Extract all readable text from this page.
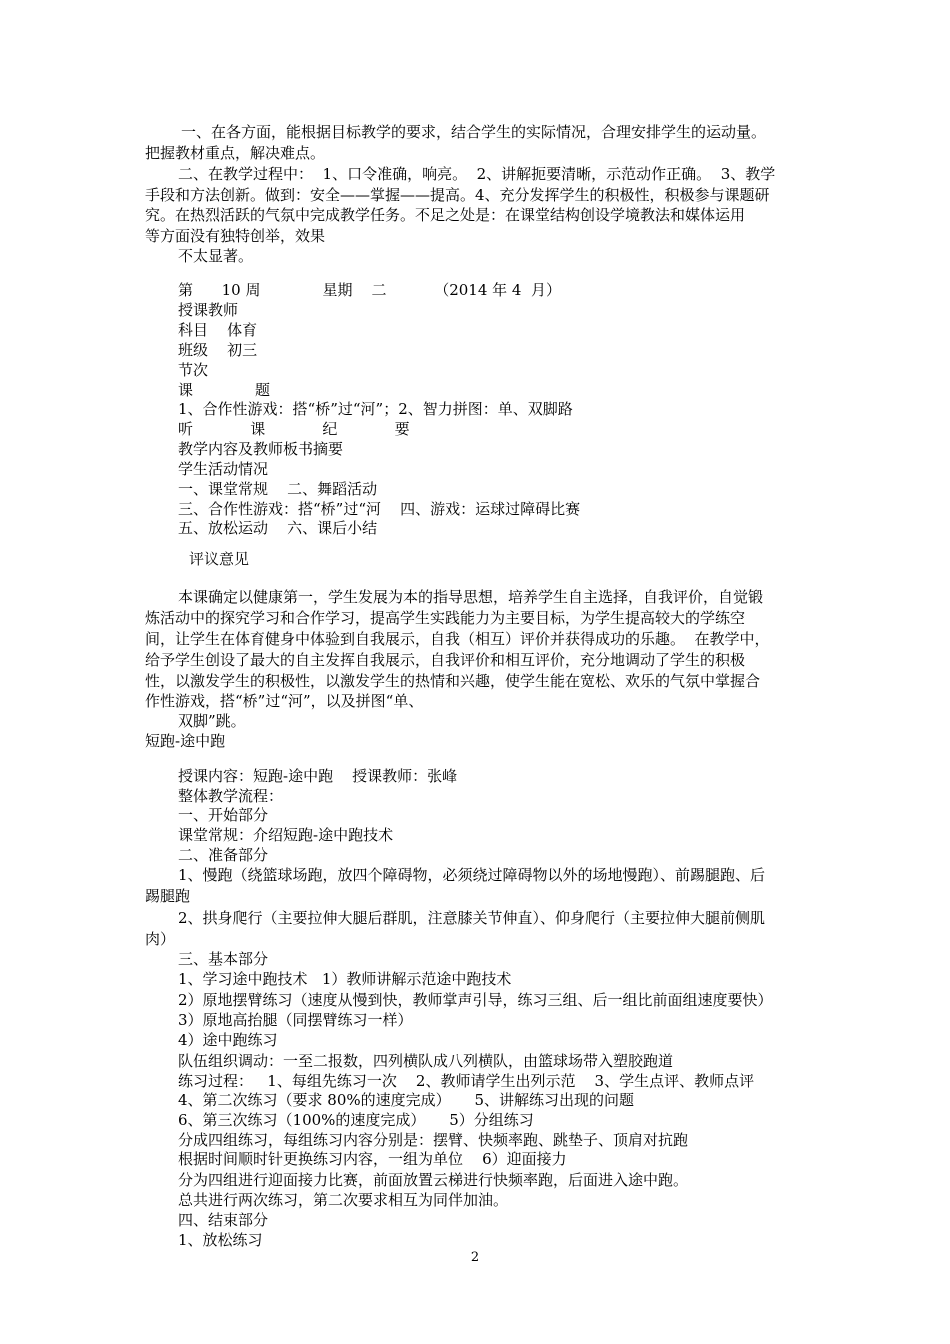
一、在各方面，能根据目标教学的要求，结合学生的实际情况，合理安排学生的运动量。

把握教材重点，解决难点。

二、在教学过程中：  1、口令准确，响亮。  2、讲解扼要清晰，示范动作正确。  3、教学

手段和方法创新。做到：安全——掌握——提高。4、充分发挥学生的积极性，积极参与课题研

究。在热烈活跃的气氛中完成教学任务。不足之处是：在课堂结构创设学境教法和媒体运用

等方面没有独特创举，效果

不太显著。

第      10 周             星期    二          （2014 年 4  月）

授课教师

科目    体育

班级    初三

节次

课             题

1、合作性游戏：搭“桥”过“河”；2、智力拼图：单、双脚路

听            课            纪            要

教学内容及教师板书摘要

学生活动情况

一、课堂常规    二、舞蹈活动

三、合作性游戏：搭“桥”过“河    四、游戏：运球过障碍比赛

五、放松运动    六、课后小结

评议意见

本课确定以健康第一，学生发展为本的指导思想，培养学生自主选择，自我评价，自觉锻

炼活动中的探究学习和合作学习，提高学生实践能力为主要目标，为学生提高较大的学练空

间，让学生在体育健身中体验到自我展示，自我（相互）评价并获得成功的乐趣。  在教学中，

给予学生创设了最大的自主发挥自我展示，自我评价和相互评价，充分地调动了学生的积极

性，以激发学生的积极性，以激发学生的热情和兴趣，使学生能在宽松、欢乐的气氛中掌握合

作性游戏，搭“桥”过“河”，以及拼图“单、

双脚”跳。

短跑-途中跑

授课内容：短跑-途中跑    授课教师：张峰

整体教学流程：

一、开始部分

课堂常规：介绍短跑-途中跑技术

二、准备部分

1、慢跑（绕篮球场跑，放四个障碍物，必须绕过障碍物以外的场地慢跑）、前踢腿跑、后

踢腿跑

2、拱身爬行（主要拉伸大腿后群肌，注意膝关节伸直）、仰身爬行（主要拉伸大腿前侧肌

肉）

三、基本部分

1、学习途中跑技术   1）教师讲解示范途中跑技术

2）原地摆臂练习（速度从慢到快，教师掌声引导，练习三组、后一组比前面组速度要快）

3）原地高抬腿（同摆臂练习一样）

4）途中跑练习

队伍组织调动：一至二报数，四列横队成八列横队，由篮球场带入塑胶跑道

练习过程：   1、每组先练习一次    2、教师请学生出列示范    3、学生点评、教师点评

4、第二次练习（要求 80%的速度完成）     5、讲解练习出现的问题

6、第三次练习（100%的速度完成）     5）分组练习

分成四组练习，每组练习内容分别是：摆臂、快频率跑、跳垫子、顶肩对抗跑

根据时间顺时针更换练习内容，一组为单位    6）迎面接力

分为四组进行迎面接力比赛，前面放置云梯进行快频率跑，后面进入途中跑。

总共进行两次练习，第二次要求相互为同伴加油。

四、结束部分

1、放松练习

2
